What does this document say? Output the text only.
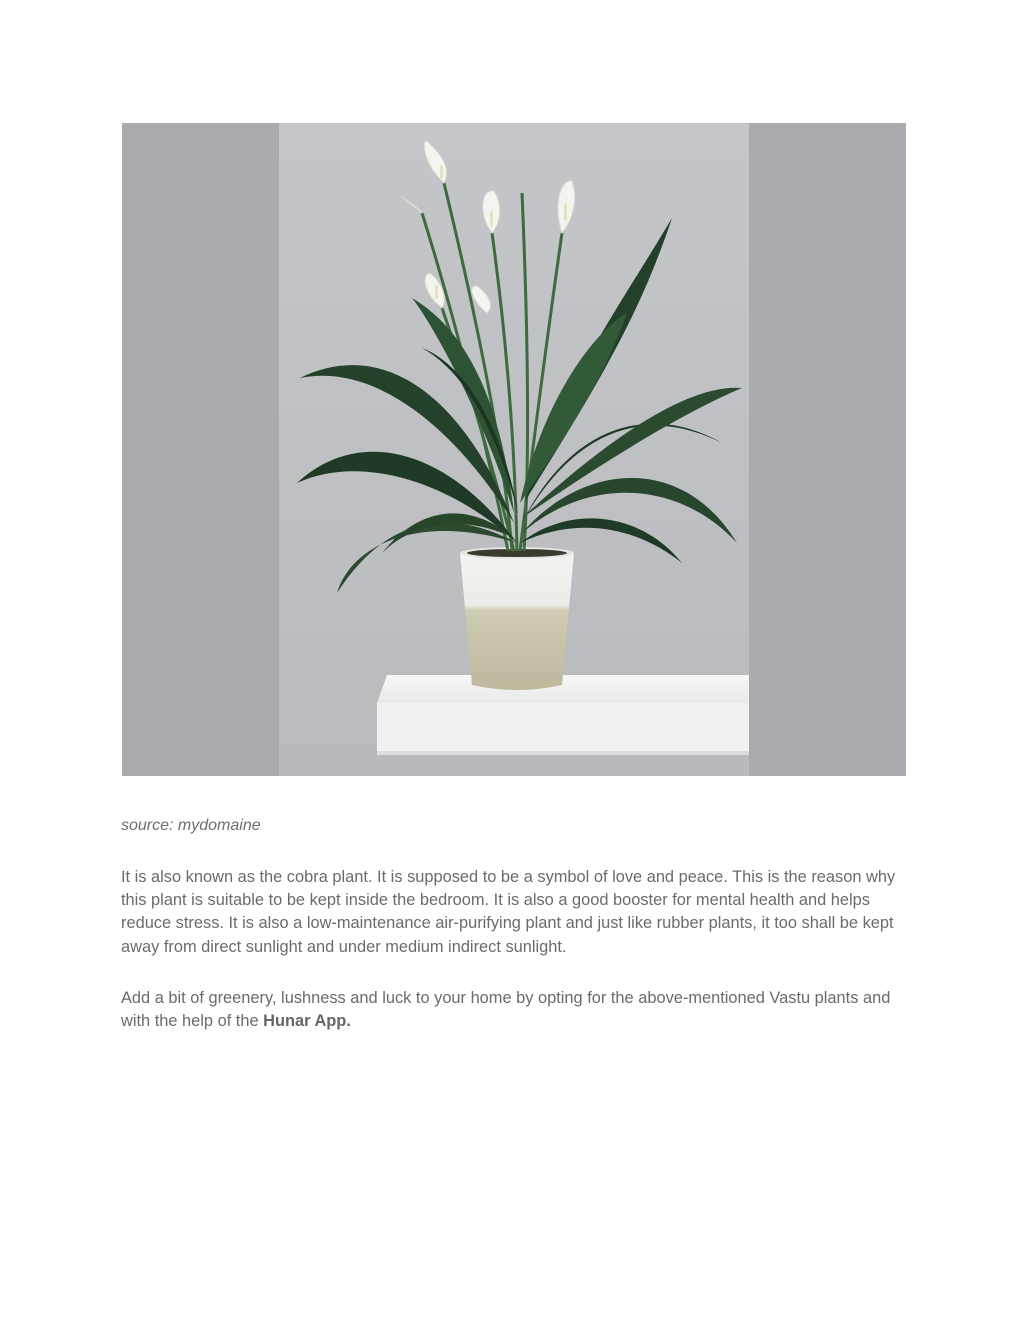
source: mydomaine

It is also known as the cobra plant. It is supposed to be a symbol of love and peace. This is the reason why this plant is suitable to be kept inside the bedroom. It is also a good booster for mental health and helps reduce stress. It is also a low-maintenance air-purifying plant and just like rubber plants, it too shall be kept away from direct sunlight and under medium indirect sunlight.

Add a bit of greenery, lushness and luck to your home by opting for the above-mentioned Vastu plants and with the help of the Hunar App.
